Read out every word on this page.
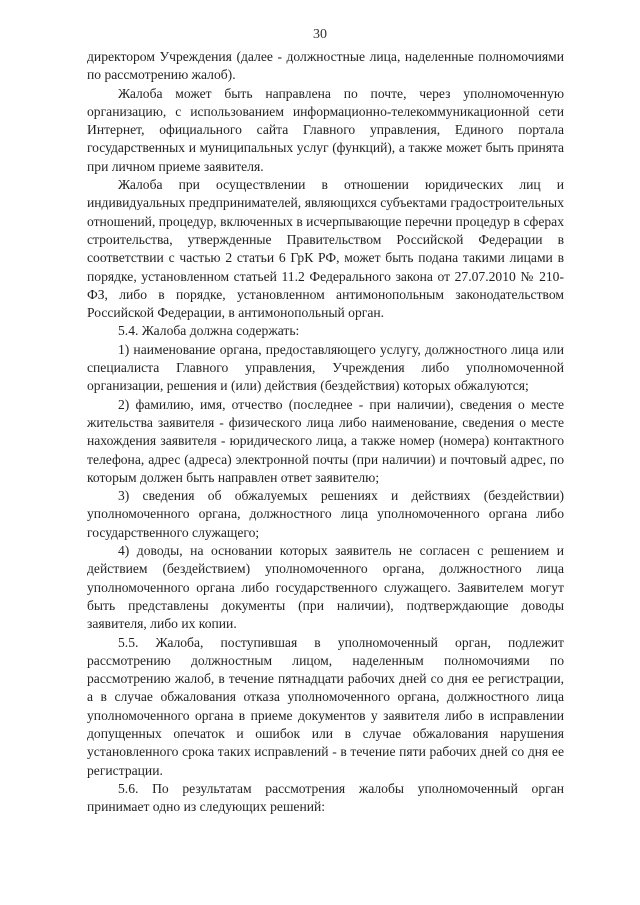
30
директором Учреждения (далее - должностные лица, наделенные полномочиями
по рассмотрению жалоб).
Жалоба может быть направлена по почте, через уполномоченную
организацию, с использованием информационно-телекоммуникационной сети
Интернет, официального сайта Главного управления, Единого портала
государственных и муниципальных услуг (функций), а также может быть принята
при личном приеме заявителя.
Жалоба при осуществлении в отношении юридических лиц и
индивидуальных предпринимателей, являющихся субъектами градостроительных
отношений, процедур, включенных в исчерпывающие перечни процедур в сферах
строительства, утвержденные Правительством Российской Федерации в
соответствии с частью 2 статьи 6 ГрК РФ, может быть подана такими лицами в
порядке, установленном статьей 11.2 Федерального закона от 27.07.2010 № 210-
ФЗ, либо в порядке, установленном антимонопольным законодательством
Российской Федерации, в антимонопольный орган.
5.4. Жалоба должна содержать:
1) наименование органа, предоставляющего услугу, должностного лица или
специалиста Главного управления, Учреждения либо уполномоченной
организации, решения и (или) действия (бездействия) которых обжалуются;
2) фамилию, имя, отчество (последнее - при наличии), сведения о месте
жительства заявителя - физического лица либо наименование, сведения о месте
нахождения заявителя - юридического лица, а также номер (номера) контактного
телефона, адрес (адреса) электронной почты (при наличии) и почтовый адрес, по
которым должен быть направлен ответ заявителю;
3) сведения об обжалуемых решениях и действиях (бездействии)
уполномоченного органа, должностного лица уполномоченного органа либо
государственного служащего;
4) доводы, на основании которых заявитель не согласен с решением и
действием (бездействием) уполномоченного органа, должностного лица
уполномоченного органа либо государственного служащего. Заявителем могут
быть представлены документы (при наличии), подтверждающие доводы
заявителя, либо их копии.
5.5. Жалоба, поступившая в уполномоченный орган, подлежит
рассмотрению должностным лицом, наделенным полномочиями по
рассмотрению жалоб, в течение пятнадцати рабочих дней со дня ее регистрации,
а в случае обжалования отказа уполномоченного органа, должностного лица
уполномоченного органа в приеме документов у заявителя либо в исправлении
допущенных опечаток и ошибок или в случае обжалования нарушения
установленного срока таких исправлений - в течение пяти рабочих дней со дня ее
регистрации.
5.6. По результатам рассмотрения жалобы уполномоченный орган
принимает одно из следующих решений:
